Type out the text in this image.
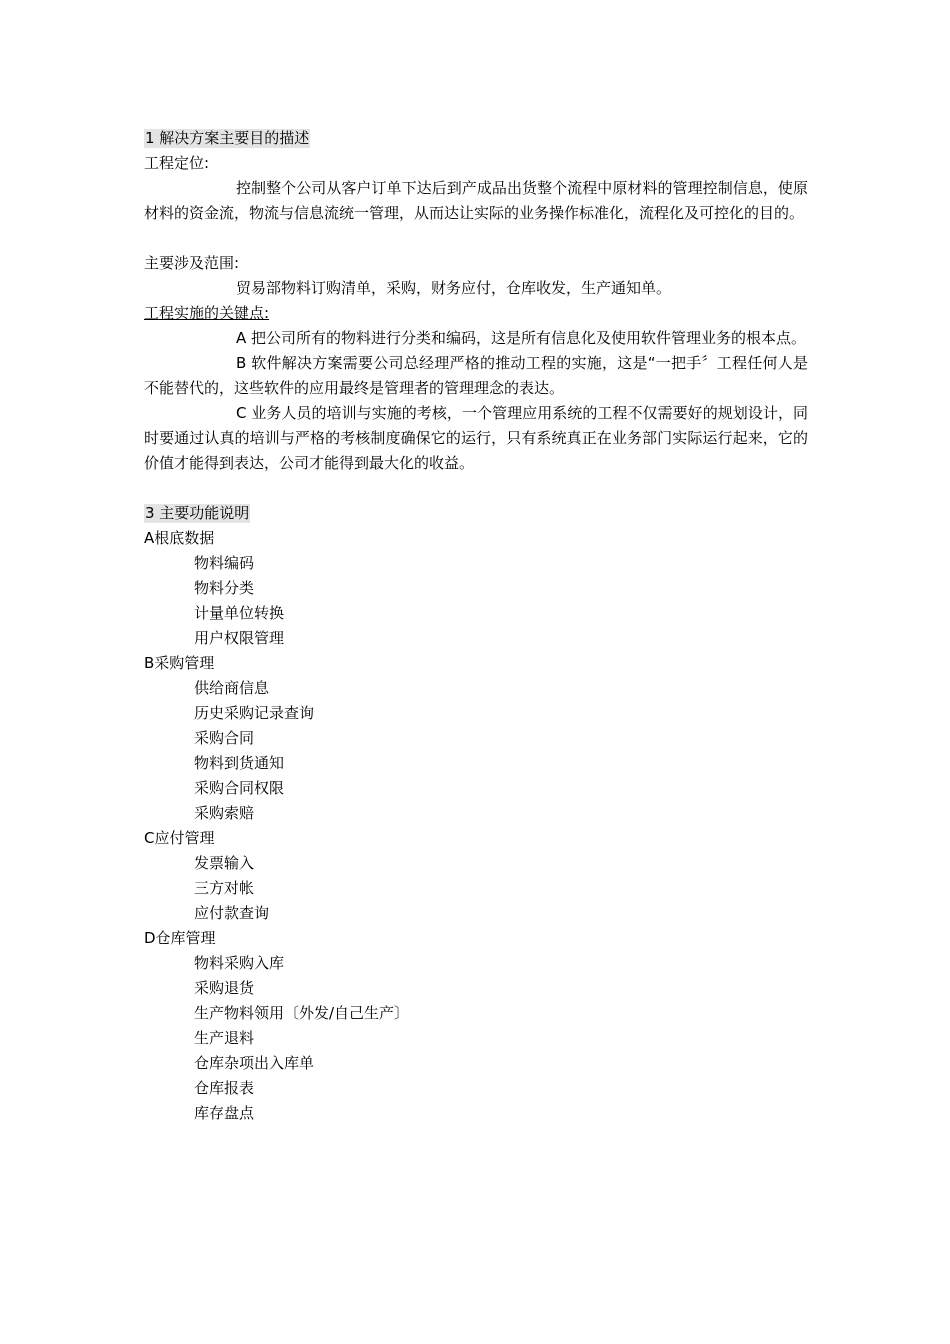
1 解决方案主要目的描述
工程定位:
控制整个公司从客户订单下达后到产成品出货整个流程中原材料的管理控制信息，使原材料的资金流，物流与信息流统一管理，从而达让实际的业务操作标准化，流程化及可控化的目的。
主要涉及范围:
贸易部物料订购清单，采购，财务应付，仓库收发，生产通知单。
工程实施的关键点:
A 把公司所有的物料进行分类和编码，这是所有信息化及使用软件管理业务的根本点。
B 软件解决方案需要公司总经理严格的推动工程的实施，这是“一把手〞工程任何人是不能替代的，这些软件的应用最终是管理者的管理理念的表达。
C 业务人员的培训与实施的考核，一个管理应用系统的工程不仅需要好的规划设计，同时要通过认真的培训与严格的考核制度确保它的运行，只有系统真正在业务部门实际运行起来，它的价值才能得到表达，公司才能得到最大化的收益。
3 主要功能说明
A根底数据
物料编码
物料分类
计量单位转换
用户权限管理
B采购管理
供给商信息
历史采购记录查询
采购合同
物料到货通知
采购合同权限
采购索赔
C应付管理
发票输入
三方对帐
应付款查询
D仓库管理
物料采购入库
采购退货
生产物料领用〔外发/自己生产〕
生产退料
仓库杂项出入库单
仓库报表
库存盘点
